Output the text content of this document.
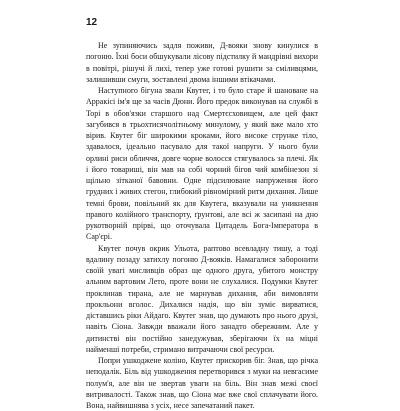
12

Не зупиняючись задля поживи, Д-вояки знову кинулися в погоню. Їхні боси обшукували лісову підстилку й мандрівні вихори в повітрі, рішучі й лихі, тепер уже готові рушити за сміливцями, залишивши смуги, зоставлені двома іншими втікачами.

Наступного бігуна звали Квутег, і то було старе й шановане на Арракісі ім'я ще за часів Дюни. Його предок виконував на службі в Торі в обов'язки старшого над Смертєсховищем, але цей факт загубився в трьохтисячолітньому минулому, у який вже мало хто вірив. Квутег біг широкими кроками, його високе струнке тіло, здавалося, ідеально пасувало для такої напруги. У нього були орлині риси обличчя, довге чорне волосся стягувалось за плечі. Як і його товариші, він мав на собі чорний бігов чий комбінезон зі щільно зітканої бавовни. Одне підсилюване напруження його грудних і живих стегон, глибокий рівномірний ритм дихання. Лише темні брови, повільний як для Квутега, вказували на уникнення правого колійного транспорту, ґрунтові, але всі ж засипані на дно рукотворній прірві, що оточувала Цитадель Бога-Імператора в Сар'єрі.

Квутег почув окрик Ульота, раптово всевладну тишу, а тоді вдалину позаду затихлу погоню Д-вояків. Намагалися заборонити своїй увагі мисливців образ ще одного друга, убитого монстру альним вартовим Лето, проте вони не слухалися. Подумки Квутег проклинав тирана, але не марнував дихання, аби вимовляти прокльони вголос. Дихалися надія, що він зуміє вирватися, діставшись ріки Айдаго. Квутег знав, що думають про нього друзі, навіть Сіона. Завжди вважали його занадто обережним. Але у дитинстві він постійно занедужував, зберігаючи їх на міцні найменші потреби, стримано витрачаючи свої ресурси.

Попри ушкоджене коліно, Квутег прискорив біг. Знав, що річка неподалік. Біль від ушкодження перетворився з муки на невгасиме полум'я, але він не звертав уваги на біль. Він знав межі своєї витривалості. Також знав, що Сіона має вже свої сплачувати його. Вона, найвишнява з усіх, несе запечатаний пакет.
